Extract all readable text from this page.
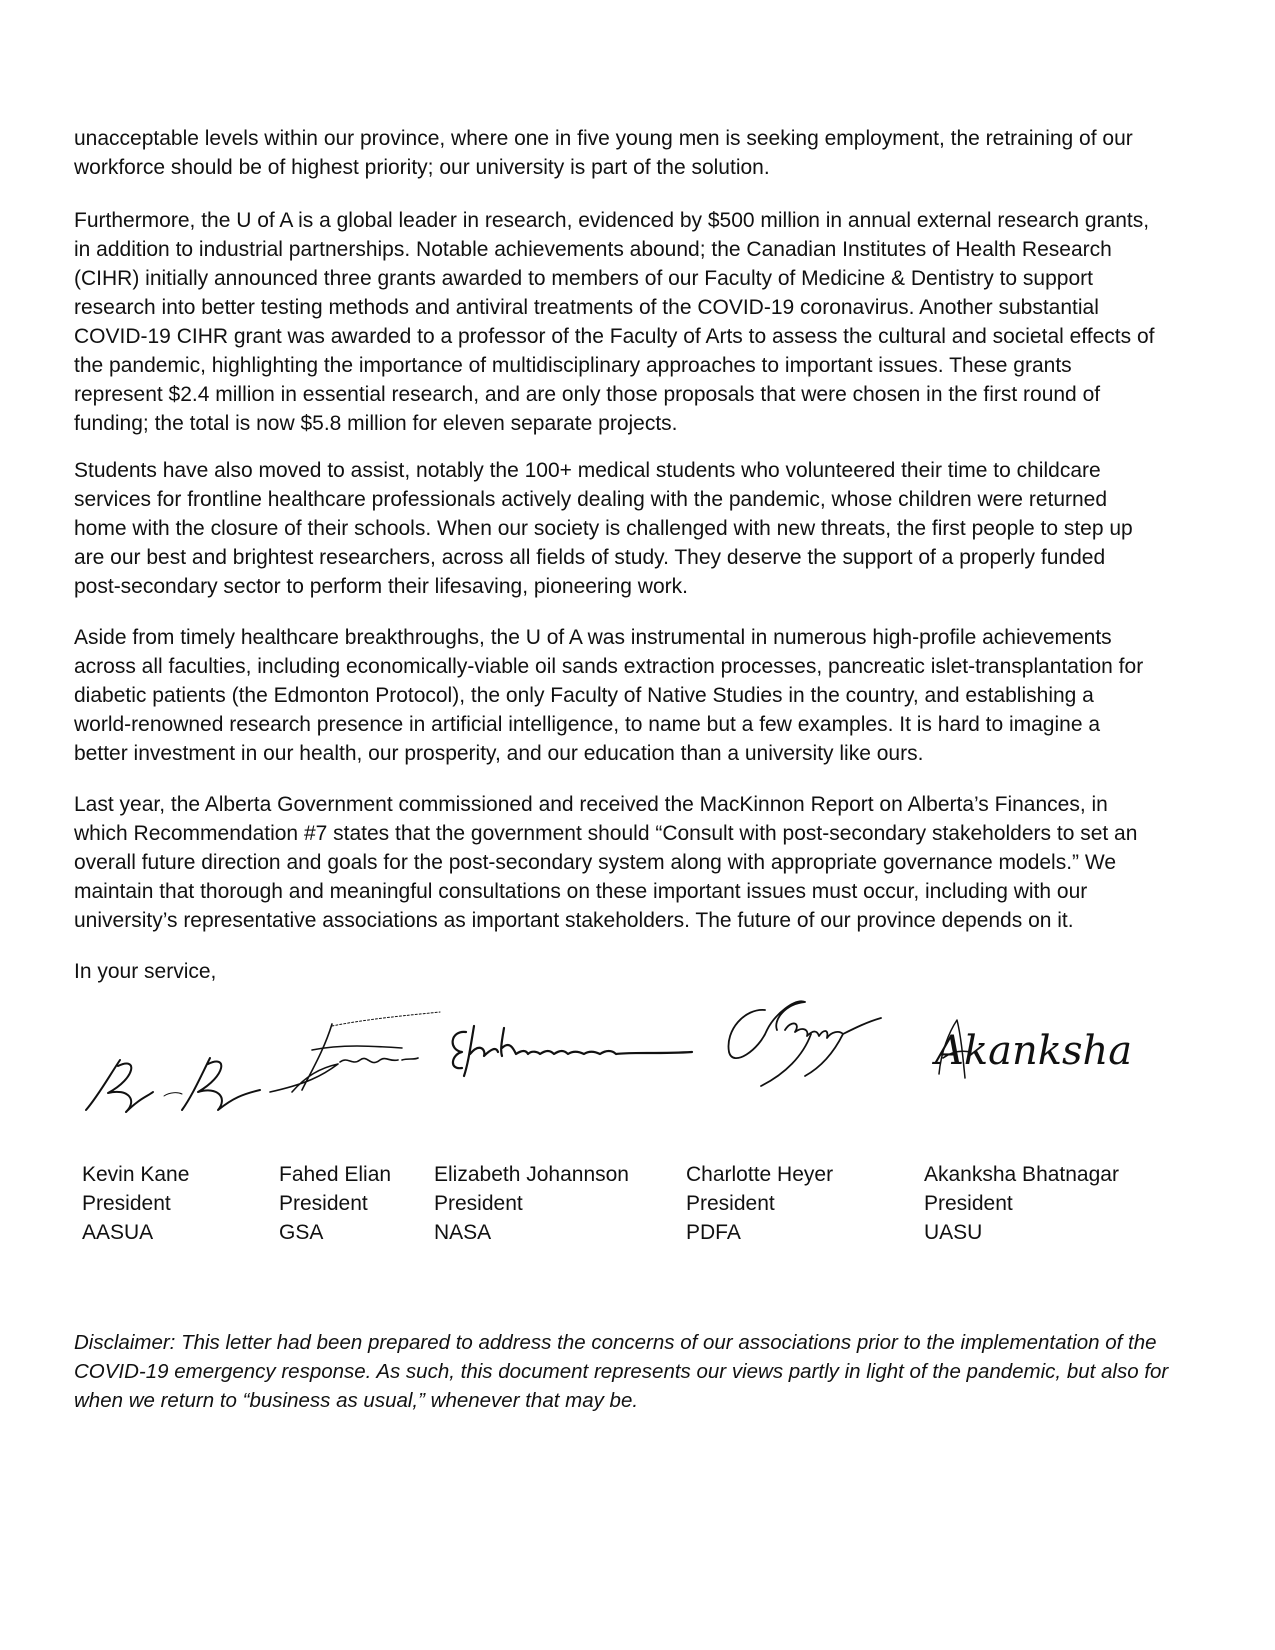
unacceptable levels within our province, where one in five young men is seeking employment, the retraining of our
workforce should be of highest priority; our university is part of the solution.

Furthermore, the U of A is a global leader in research, evidenced by $500 million in annual external research grants,
in addition to industrial partnerships. Notable achievements abound; the Canadian Institutes of Health Research
(CIHR) initially announced three grants awarded to members of our Faculty of Medicine & Dentistry to support
research into better testing methods and antiviral treatments of the COVID-19 coronavirus. Another substantial
COVID-19 CIHR grant was awarded to a professor of the Faculty of Arts to assess the cultural and societal effects of
the pandemic, highlighting the importance of multidisciplinary approaches to important issues. These grants
represent $2.4 million in essential research, and are only those proposals that were chosen in the first round of
funding; the total is now $5.8 million for eleven separate projects.

Students have also moved to assist, notably the 100+ medical students who volunteered their time to childcare
services for frontline healthcare professionals actively dealing with the pandemic, whose children were returned
home with the closure of their schools. When our society is challenged with new threats, the first people to step up
are our best and brightest researchers, across all fields of study. They deserve the support of a properly funded
post-secondary sector to perform their lifesaving, pioneering work.

Aside from timely healthcare breakthroughs, the U of A was instrumental in numerous high-profile achievements
across all faculties, including economically-viable oil sands extraction processes, pancreatic islet-transplantation for
diabetic patients (the Edmonton Protocol), the only Faculty of Native Studies in the country, and establishing a
world-renowned research presence in artificial intelligence, to name but a few examples. It is hard to imagine a
better investment in our health, our prosperity, and our education than a university like ours.

Last year, the Alberta Government commissioned and received the MacKinnon Report on Alberta’s Finances, in
which Recommendation #7 states that the government should “Consult with post-secondary stakeholders to set an
overall future direction and goals for the post-secondary system along with appropriate governance models.” We
maintain that thorough and meaningful consultations on these important issues must occur, including with our
university’s representative associations as important stakeholders. The future of our province depends on it.

In your service,

Akanksha
Kevin Kane
President
AASUA
Fahed Elian
President
GSA
Elizabeth Johannson
President
NASA
Charlotte Heyer
President
PDFA
Akanksha Bhatnagar
President
UASU

Disclaimer: This letter had been prepared to address the concerns of our associations prior to the implementation of the
COVID-19 emergency response. As such, this document represents our views partly in light of the pandemic, but also for
when we return to “business as usual,” whenever that may be.
